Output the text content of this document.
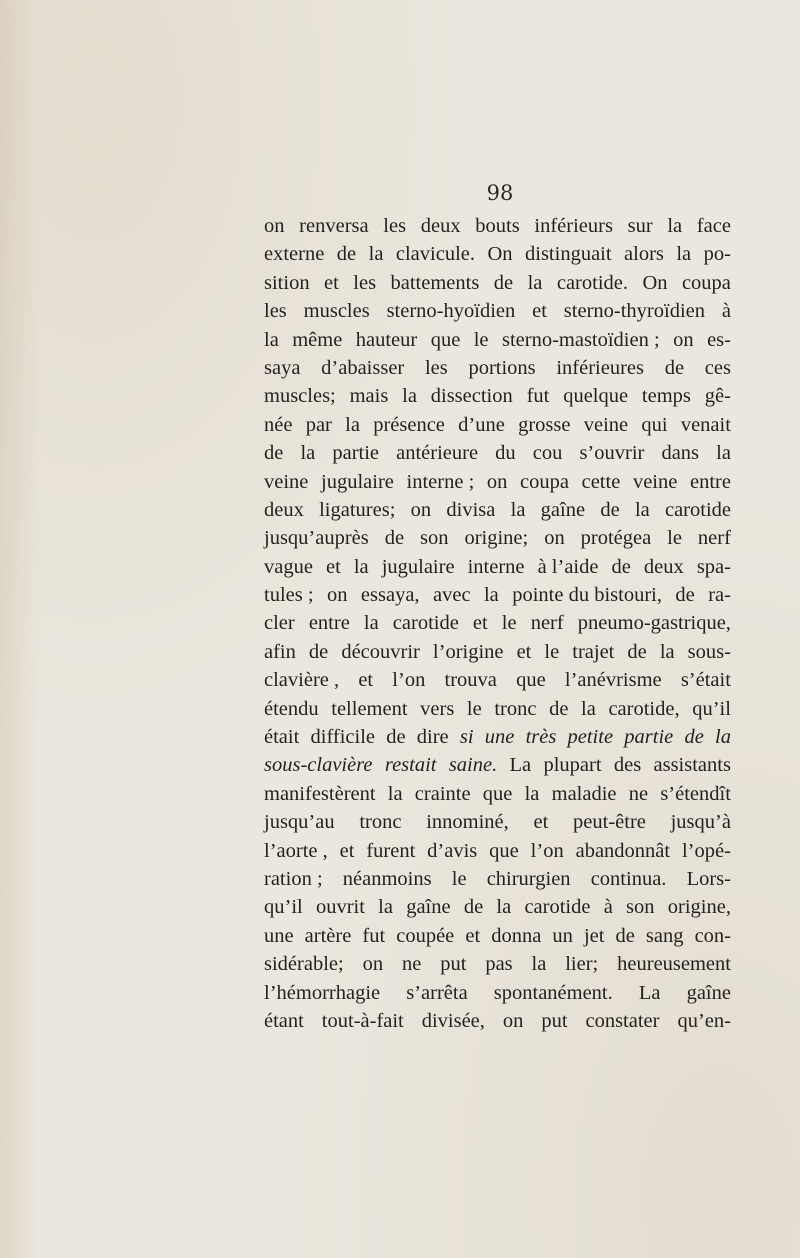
98
on renversa les deux bouts inférieurs sur la face
externe de la clavicule. On distinguait alors la po-
sition et les battements de la carotide. On coupa
les muscles sterno-hyoïdien et sterno-thyroïdien à
la même hauteur que le sterno-mastoïdien ; on es-
saya d’abaisser les portions inférieures de ces
muscles; mais la dissection fut quelque temps gê-
née par la présence d’une grosse veine qui venait
de la partie antérieure du cou s’ouvrir dans la
veine jugulaire interne ; on coupa cette veine entre
deux ligatures; on divisa la gaîne de la carotide
jusqu’auprès de son origine; on protégea le nerf
vague et la jugulaire interne à l’aide de deux spa-
tules ; on essaya, avec la pointe du bistouri, de ra-
cler entre la carotide et le nerf pneumo-gastrique,
afin de découvrir l’origine et le trajet de la sous-
clavière , et l’on trouva que l’anévrisme s’était
étendu tellement vers le tronc de la carotide, qu’il
était difficile de dire si une très petite partie de la
sous-clavière restait saine. La plupart des assistants
manifestèrent la crainte que la maladie ne s’étendît
jusqu’au tronc innominé, et peut-être jusqu’à
l’aorte , et furent d’avis que l’on abandonnât l’opé-
ration ; néanmoins le chirurgien continua. Lors-
qu’il ouvrit la gaîne de la carotide à son origine,
une artère fut coupée et donna un jet de sang con-
sidérable; on ne put pas la lier; heureusement
l’hémorrhagie s’arrêta spontanément. La gaîne
étant tout-à-fait divisée, on put constater qu’en-
